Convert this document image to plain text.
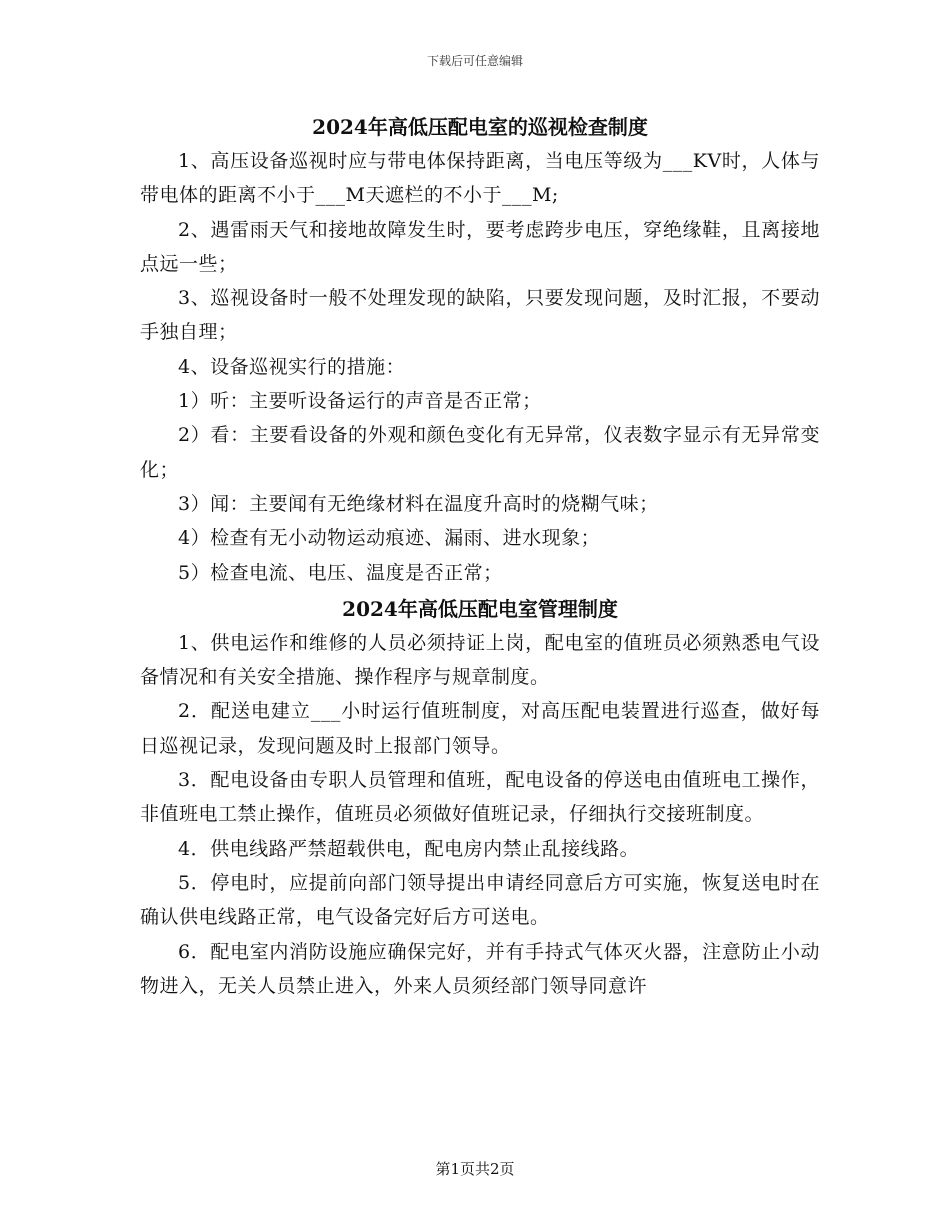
下载后可任意编辑
2024年高低压配电室的巡视检查制度

1、高压设备巡视时应与带电体保持距离，当电压等级为___KV时，人体与带电体的距离不小于___M天遮栏的不小于___M;

2、遇雷雨天气和接地故障发生时，要考虑跨步电压，穿绝缘鞋，且离接地点远一些；

3、巡视设备时一般不处理发现的缺陷，只要发现问题，及时汇报，不要动手独自理；

4、设备巡视实行的措施：

1）听：主要听设备运行的声音是否正常；

2）看：主要看设备的外观和颜色变化有无异常，仪表数字显示有无异常变化；

3）闻：主要闻有无绝缘材料在温度升高时的烧糊气味；

4）检查有无小动物运动痕迹、漏雨、进水现象；

5）检查电流、电压、温度是否正常；

2024年高低压配电室管理制度

1、供电运作和维修的人员必须持证上岗，配电室的值班员必须熟悉电气设备情况和有关安全措施、操作程序与规章制度。

2．配送电建立___小时运行值班制度，对高压配电装置进行巡查，做好每日巡视记录，发现问题及时上报部门领导。

3．配电设备由专职人员管理和值班，配电设备的停送电由值班电工操作，非值班电工禁止操作，值班员必须做好值班记录，仔细执行交接班制度。

4．供电线路严禁超载供电，配电房内禁止乱接线路。

5．停电时，应提前向部门领导提出申请经同意后方可实施，恢复送电时在确认供电线路正常，电气设备完好后方可送电。

6．配电室内消防设施应确保完好，并有手持式气体灭火器，注意防止小动物进入，无关人员禁止进入，外来人员须经部门领导同意许

第1页共2页
